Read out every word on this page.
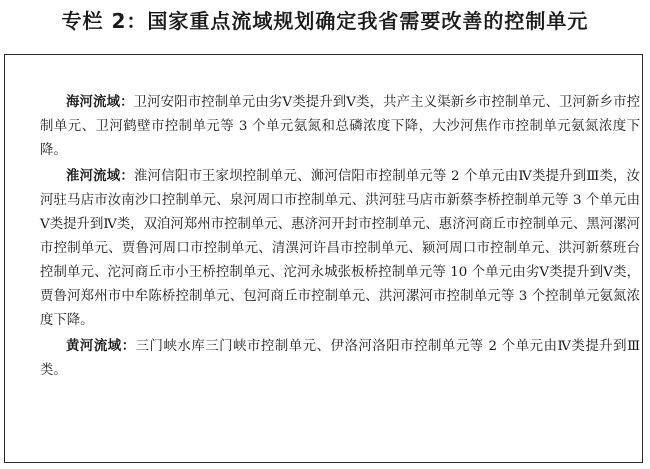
专栏 2：国家重点流域规划确定我省需要改善的控制单元

海河流域：卫河安阳市控制单元由劣Ⅴ类提升到Ⅴ类，共产主义渠新乡市控制单元、卫河新乡市控制单元、卫河鹤壁市控制单元等 3 个单元氨氮和总磷浓度下降，大沙河焦作市控制单元氨氮浓度下降。

淮河流域：淮河信阳市王家坝控制单元、浉河信阳市控制单元等 2 个单元由Ⅳ类提升到Ⅲ类，汝河驻马店市汝南沙口控制单元、泉河周口市控制单元、洪河驻马店市新蔡李桥控制单元等 3 个单元由Ⅴ类提升到Ⅳ类，双洎河郑州市控制单元、惠济河开封市控制单元、惠济河商丘市控制单元、黑河漯河市控制单元、贾鲁河周口市控制单元、清潩河许昌市控制单元、颍河周口市控制单元、洪河新蔡班台控制单元、沱河商丘市小王桥控制单元、沱河永城张板桥控制单元等 10 个单元由劣Ⅴ类提升到Ⅴ类，贾鲁河郑州市中牟陈桥控制单元、包河商丘市控制单元、洪河漯河市控制单元等 3 个控制单元氨氮浓度下降。

黄河流域：三门峡水库三门峡市控制单元、伊洛河洛阳市控制单元等 2 个单元由Ⅳ类提升到Ⅲ类。
